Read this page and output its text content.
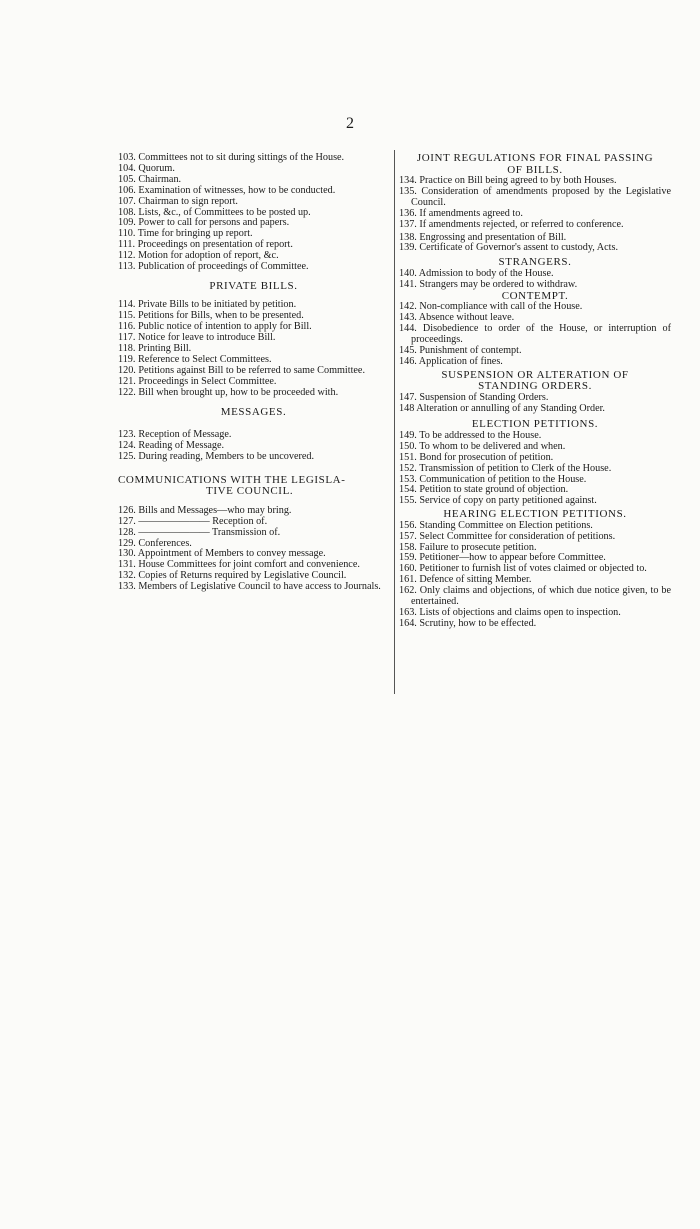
2

103. Committees not to sit during sittings of the House.

104. Quorum.

105. Chairman.

106. Examination of witnesses, how to be conducted.

107. Chairman to sign report.

108. Lists, &c., of Committees to be posted up.

109. Power to call for persons and papers.

110. Time for bringing up report.

111. Proceedings on presentation of report.

112. Motion for adoption of report, &c.

113. Publication of proceedings of Committee.

PRIVATE BILLS.

114. Private Bills to be initiated by petition.

115. Petitions for Bills, when to be presented.

116. Public notice of intention to apply for Bill.

117. Notice for leave to introduce Bill.

118. Printing Bill.

119. Reference to Select Committees.

120. Petitions against Bill to be referred to same Committee.

121. Proceedings in Select Committee.

122. Bill when brought up, how to be proceeded with.

MESSAGES.

123. Reception of Message.

124. Reading of Message.

125. During reading, Members to be uncovered.

COMMUNICATIONS WITH THE LEGISLA-

TIVE COUNCIL.

126. Bills and Messages—who may bring.

127. ——————— Reception of.

128. ——————— Transmission of.

129. Conferences.

130. Appointment of Members to convey message.

131. House Committees for joint comfort and convenience.

132. Copies of Returns required by Legislative Council.

133. Members of Legislative Council to have access to Journals.

JOINT REGULATIONS FOR FINAL PASSING

OF BILLS.

134. Practice on Bill being agreed to by both Houses.

135. Consideration of amendments proposed by the Legislative Council.

136. If amendments agreed to.

137. If amendments rejected, or referred to conference.

138. Engrossing and presentation of Bill.

139. Certificate of Governor's assent to custody, Acts.

STRANGERS.

140. Admission to body of the House.

141. Strangers may be ordered to withdraw.

CONTEMPT.

142. Non-compliance with call of the House.

143. Absence without leave.

144. Disobedience to order of the House, or interruption of proceedings.

145. Punishment of contempt.

146. Application of fines.

SUSPENSION OR ALTERATION OF

STANDING ORDERS.

147. Suspension of Standing Orders.

148 Alteration or annulling of any Standing Order.

ELECTION PETITIONS.

149. To be addressed to the House.

150. To whom to be delivered and when.

151. Bond for prosecution of petition.

152. Transmission of petition to Clerk of the House.

153. Communication of petition to the House.

154. Petition to state ground of objection.

155. Service of copy on party petitioned against.

HEARING ELECTION PETITIONS.

156. Standing Committee on Election petitions.

157. Select Committee for consideration of petitions.

158. Failure to prosecute petition.

159. Petitioner—how to appear before Committee.

160. Petitioner to furnish list of votes claimed or objected to.

161. Defence of sitting Member.

162. Only claims and objections, of which due notice given, to be entertained.

163. Lists of objections and claims open to inspection.

164. Scrutiny, how to be effected.
